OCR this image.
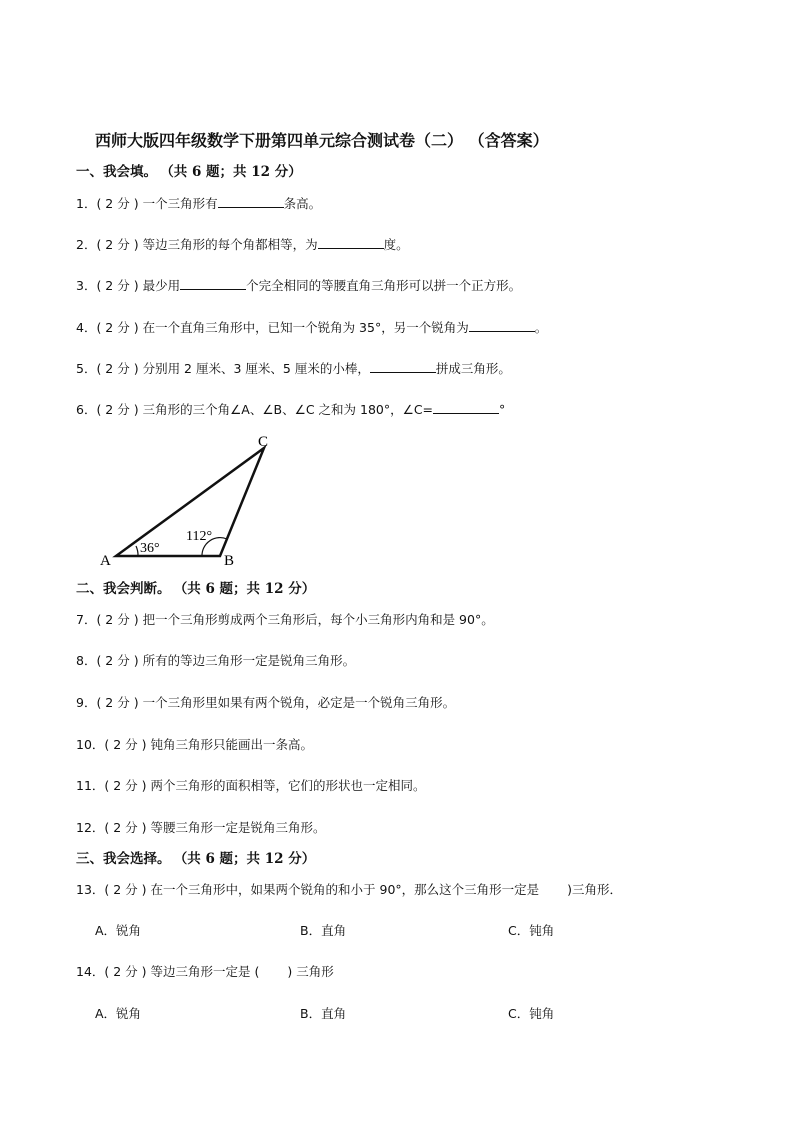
西师大版四年级数学下册第四单元综合测试卷（二） （含答案）
一、我会填。 （共 6 题；共 12 分）
1．( 2 分 ) 一个三角形有	条高。
2．( 2 分 ) 等边三角形的每个角都相等，为	度。
3．( 2 分 ) 最少用	个完全相同的等腰直角三角形可以拼一个正方形。
4．( 2 分 ) 在一个直角三角形中，已知一个锐角为 35°，另一个锐角为	。
5．( 2 分 ) 分别用 2 厘米、3 厘米、5 厘米的小棒，	拼成三角形。
6．( 2 分 ) 三角形的三个角∠A、∠B、∠C 之和为 180°，∠C=	°
A	B
C
36°
112°
二、我会判断。 （共 6 题；共 12 分）
7．( 2 分 ) 把一个三角形剪成两个三角形后，每个小三角形内角和是 90°。
8．( 2 分 ) 所有的等边三角形一定是锐角三角形。
9．( 2 分 ) 一个三角形里如果有两个锐角，必定是一个锐角三角形。
10．( 2 分 ) 钝角三角形只能画出一条高。
11．( 2 分 ) 两个三角形的面积相等，它们的形状也一定相同。
12．( 2 分 ) 等腰三角形一定是锐角三角形。
三、我会选择。 （共 6 题；共 12 分）
13．( 2 分 ) 在一个三角形中，如果两个锐角的和小于 90°，那么这个三角形一定是 )三角形．
A．锐角	B．直角	C．钝角
14．( 2 分 ) 等边三角形一定是 ( ) 三角形
A．锐角	B．直角	C．钝角
